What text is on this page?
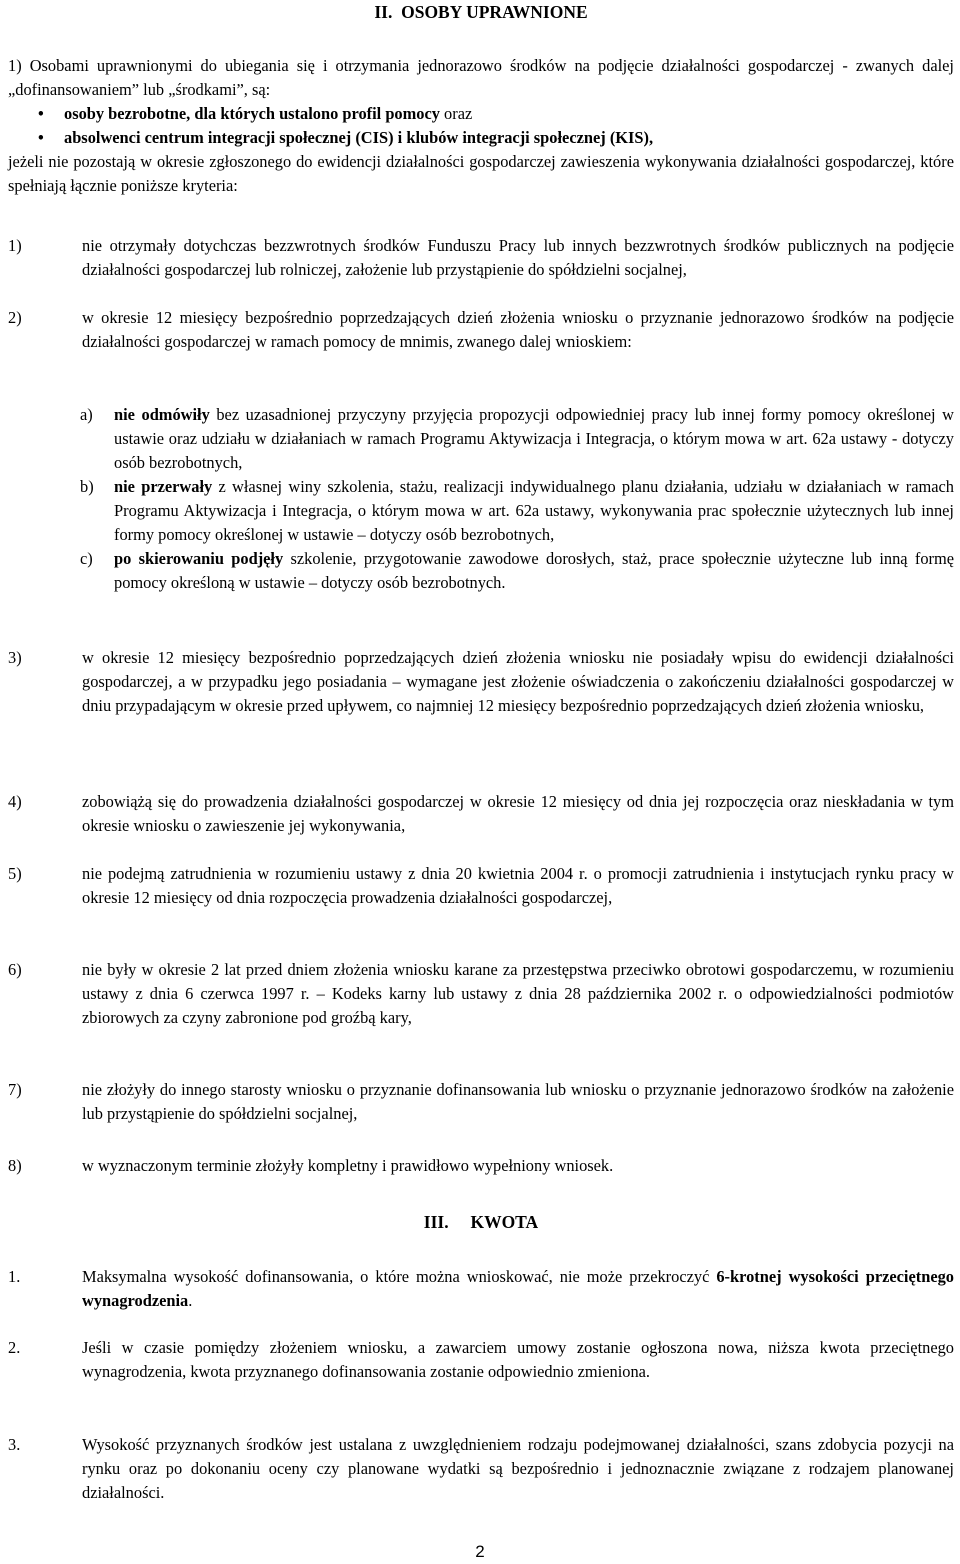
II.  OSOBY UPRAWNIONE

1) Osobami uprawnionymi do ubiegania się i otrzymania jednorazowo środków na podjęcie działalności gospodarczej - zwanych dalej „dofinansowaniem” lub „środkami”, są:

• osoby bezrobotne, dla których ustalono profil pomocy oraz

• absolwenci centrum integracji społecznej (CIS) i klubów integracji społecznej (KIS),

jeżeli nie pozostają w okresie zgłoszonego do ewidencji działalności gospodarczej zawieszenia wykonywania działalności gospodarczej, które spełniają łącznie poniższe kryteria:

1)	nie otrzymały dotychczas bezzwrotnych środków Funduszu Pracy lub innych bezzwrotnych środków publicznych na podjęcie działalności gospodarczej lub rolniczej, założenie lub przystąpienie do spółdzielni socjalnej,

2)	w okresie 12 miesięcy bezpośrednio poprzedzających dzień złożenia wniosku o przyznanie jednorazowo środków na podjęcie działalności gospodarczej w ramach pomocy de mnimis, zwanego dalej wnioskiem:

a) nie odmówiły bez uzasadnionej przyczyny przyjęcia propozycji odpowiedniej pracy lub innej formy pomocy określonej w ustawie oraz udziału w działaniach w ramach Programu Aktywizacja i Integracja, o którym mowa w art. 62a ustawy - dotyczy osób bezrobotnych,

b) nie przerwały z własnej winy szkolenia, stażu, realizacji indywidualnego planu działania, udziału w działaniach w ramach Programu Aktywizacja i Integracja, o którym mowa w art. 62a ustawy, wykonywania prac społecznie użytecznych lub innej formy pomocy określonej w ustawie – dotyczy osób bezrobotnych,

c) po skierowaniu podjęły szkolenie, przygotowanie zawodowe dorosłych, staż, prace społecznie użyteczne lub inną formę pomocy określoną w ustawie – dotyczy osób bezrobotnych.

3)	w okresie 12 miesięcy bezpośrednio poprzedzających dzień złożenia wniosku nie posiadały wpisu do ewidencji działalności gospodarczej, a w przypadku jego posiadania – wymagane jest złożenie oświadczenia o zakończeniu działalności gospodarczej w dniu przypadającym w okresie przed upływem, co najmniej 12 miesięcy bezpośrednio poprzedzających dzień złożenia wniosku,

4)	zobowiążą się do prowadzenia działalności gospodarczej w okresie 12 miesięcy od dnia jej rozpoczęcia oraz nieskładania w tym okresie wniosku o zawieszenie jej wykonywania,

5)	nie podejmą zatrudnienia w rozumieniu ustawy z dnia 20 kwietnia 2004 r. o promocji zatrudnienia i instytucjach rynku pracy w okresie 12 miesięcy od dnia rozpoczęcia prowadzenia działalności gospodarczej,

6)	nie były w okresie 2 lat przed dniem złożenia wniosku karane za przestępstwa przeciwko obrotowi gospodarczemu, w rozumieniu ustawy z dnia 6 czerwca 1997 r. – Kodeks karny lub ustawy z dnia 28 października 2002 r. o odpowiedzialności podmiotów zbiorowych za czyny zabronione pod groźbą kary,

7)	nie złożyły do innego starosty wniosku o przyznanie dofinansowania lub wniosku o przyznanie jednorazowo środków na założenie lub przystąpienie do spółdzielni socjalnej,

8)	w wyznaczonym terminie złożyły kompletny i prawidłowo wypełniony wniosek.

III.     KWOTA

1.	Maksymalna wysokość dofinansowania, o które można wnioskować, nie może przekroczyć 6-krotnej wysokości przeciętnego wynagrodzenia.

2.	Jeśli w czasie pomiędzy złożeniem wniosku, a zawarciem umowy zostanie ogłoszona nowa, niższa kwota przeciętnego wynagrodzenia, kwota przyznanego dofinansowania zostanie odpowiednio zmieniona.

3.	Wysokość przyznanych środków jest ustalana z uwzględnieniem rodzaju podejmowanej działalności, szans zdobycia pozycji na rynku oraz po dokonaniu oceny czy planowane wydatki są bezpośrednio i jednoznacznie związane z rodzajem planowanej działalności.

2
